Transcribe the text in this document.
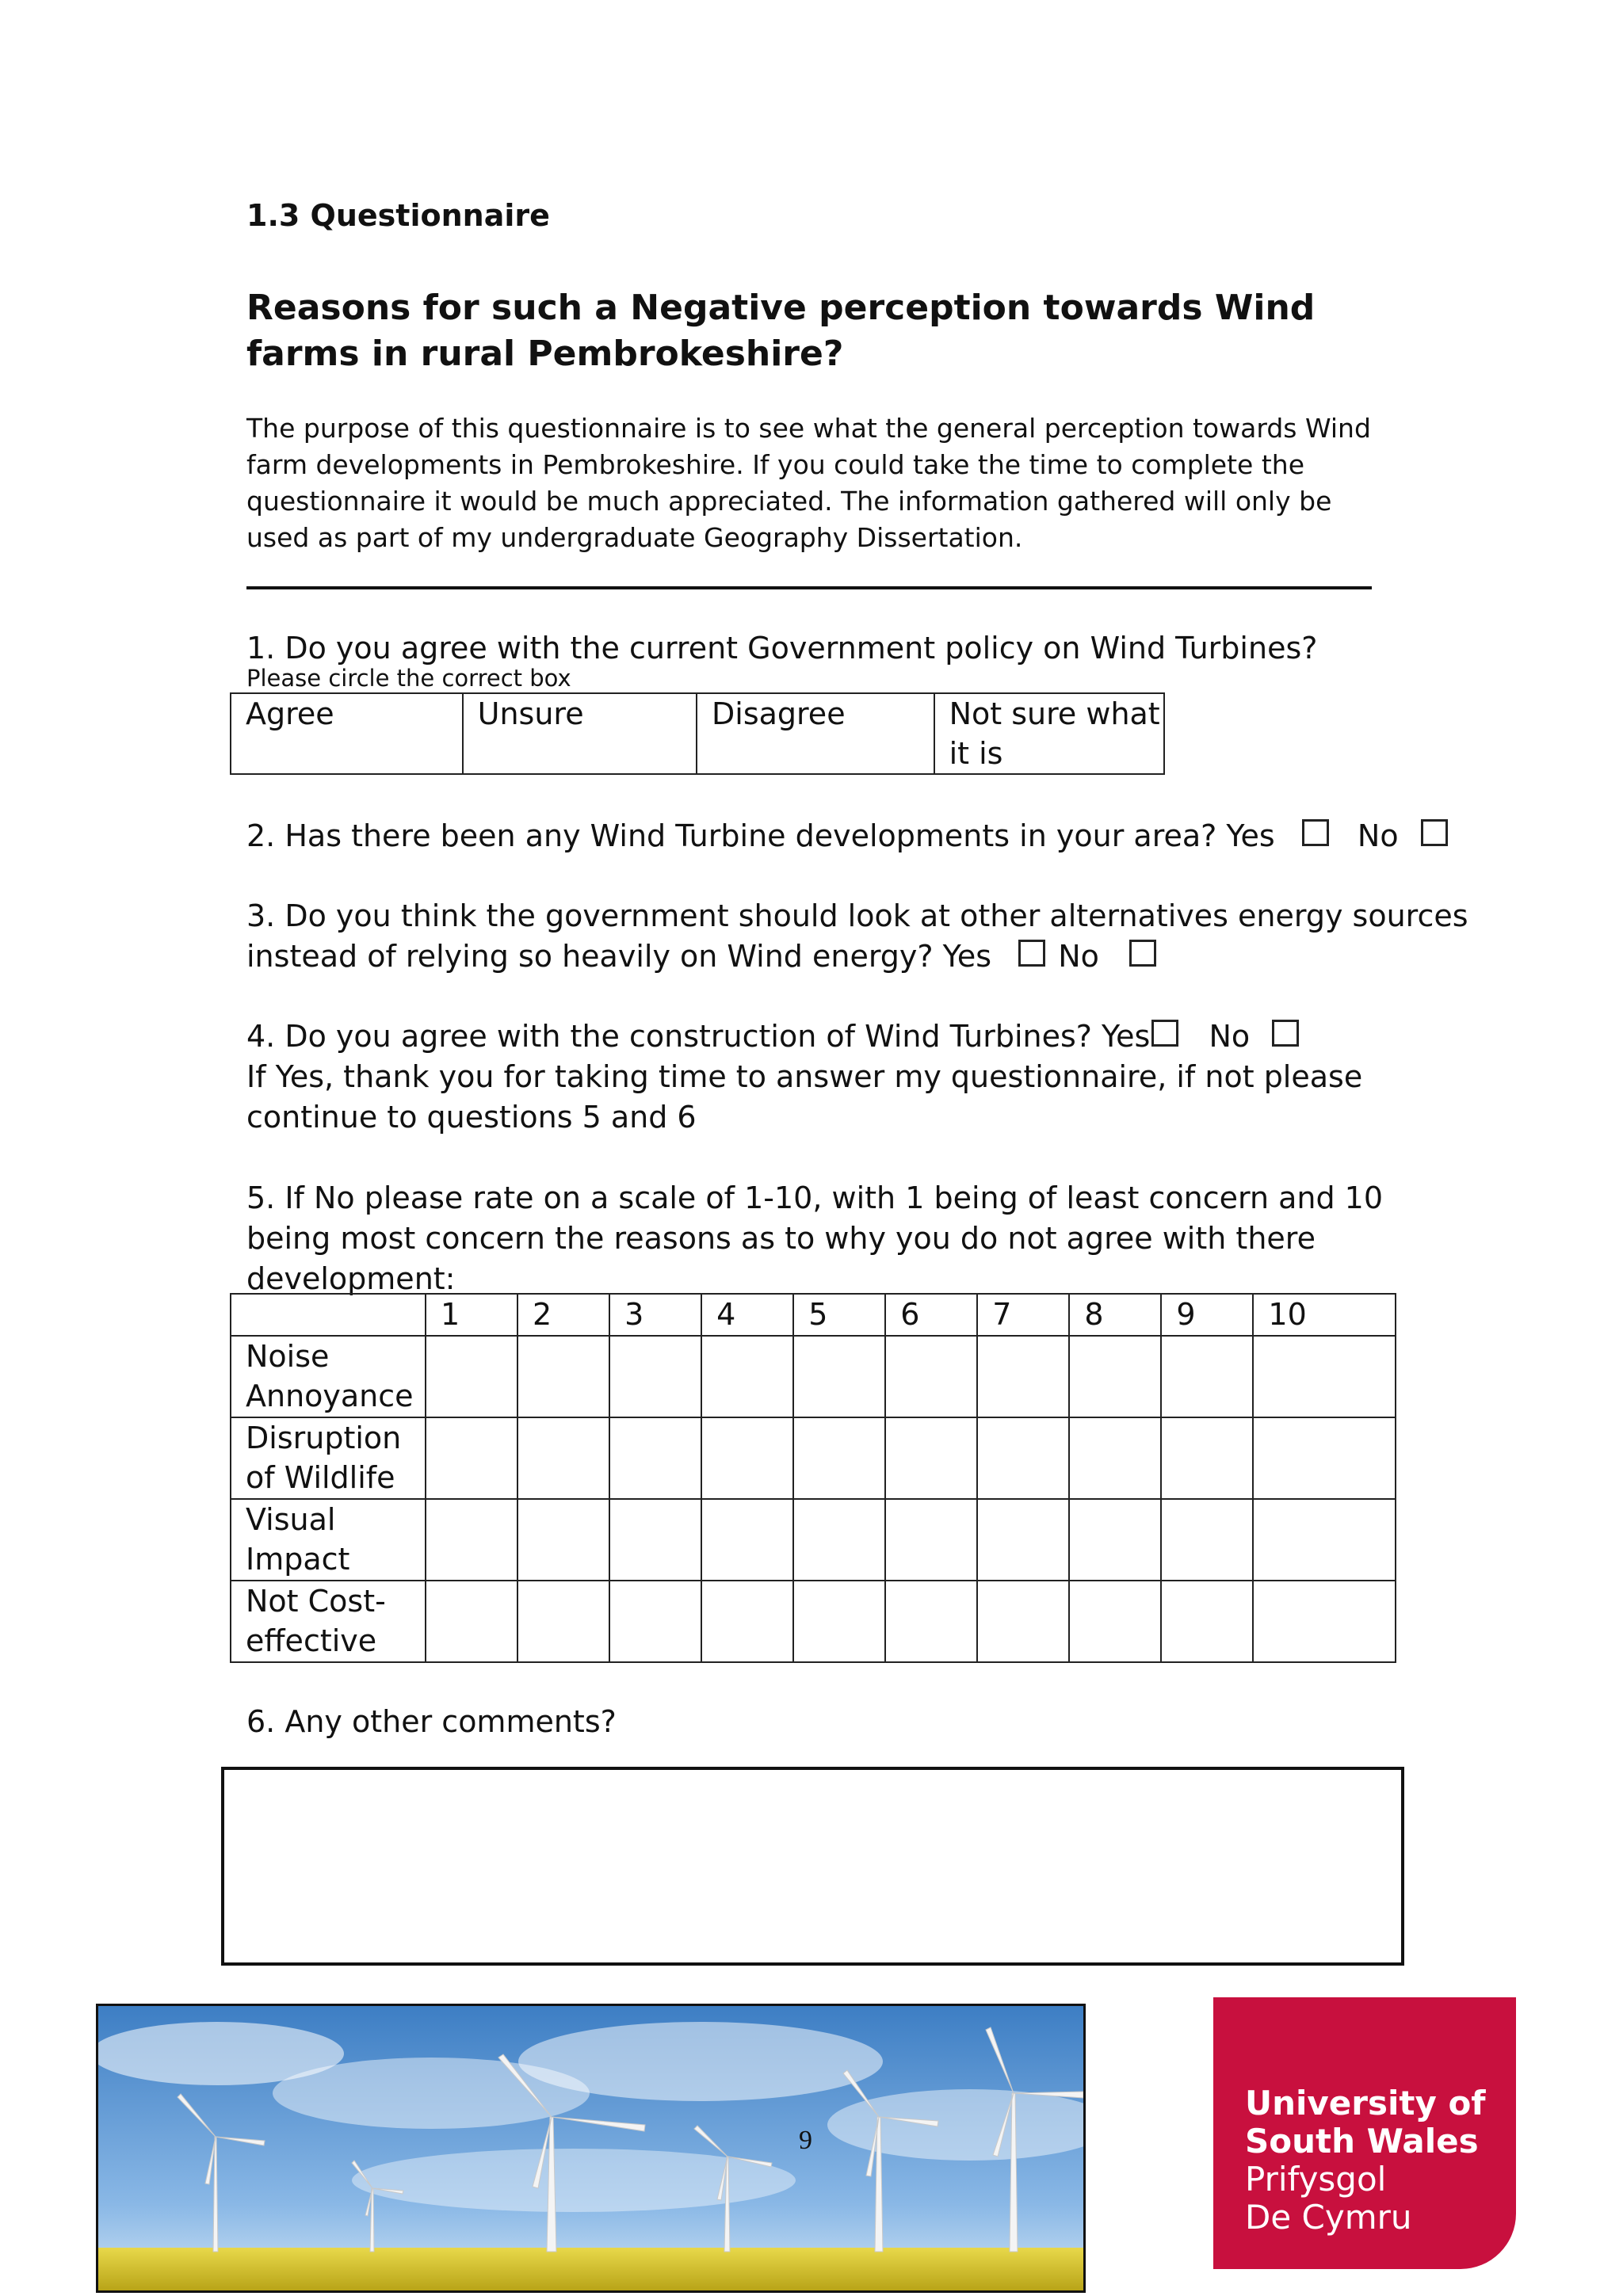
1.3 Questionnaire
Reasons for such a Negative perception towards Wind farms in rural Pembrokeshire?
The purpose of this questionnaire is to see what the general perception towards Wind farm developments in Pembrokeshire. If you could take the time to complete the questionnaire it would be much appreciated. The information gathered will only be used as part of my undergraduate Geography Dissertation.
1. Do you agree with the current Government policy on Wind Turbines?
Please circle the correct box
Agree	Unsure	Disagree	Not sure what it is
2. Has there been any Wind Turbine developments in your area? Yes	No
3. Do you think the government should look at other alternatives energy sources
instead of relying so heavily on Wind energy? Yes No
4. Do you agree with the construction of Wind Turbines? Yes No
If Yes, thank you for taking time to answer my questionnaire, if not please continue to questions 5 and 6
5. If No please rate on a scale of 1-10, with 1 being of least concern and 10 being most concern the reasons as to why you do not agree with there development:
	1	2	3	4	5	6	7	8	9	10
Noise Annoyance										
Disruption of Wildlife										
Visual Impact										
Not Cost-effective										
6. Any other comments?
9
University of
South Wales
Prifysgol
De Cymru
